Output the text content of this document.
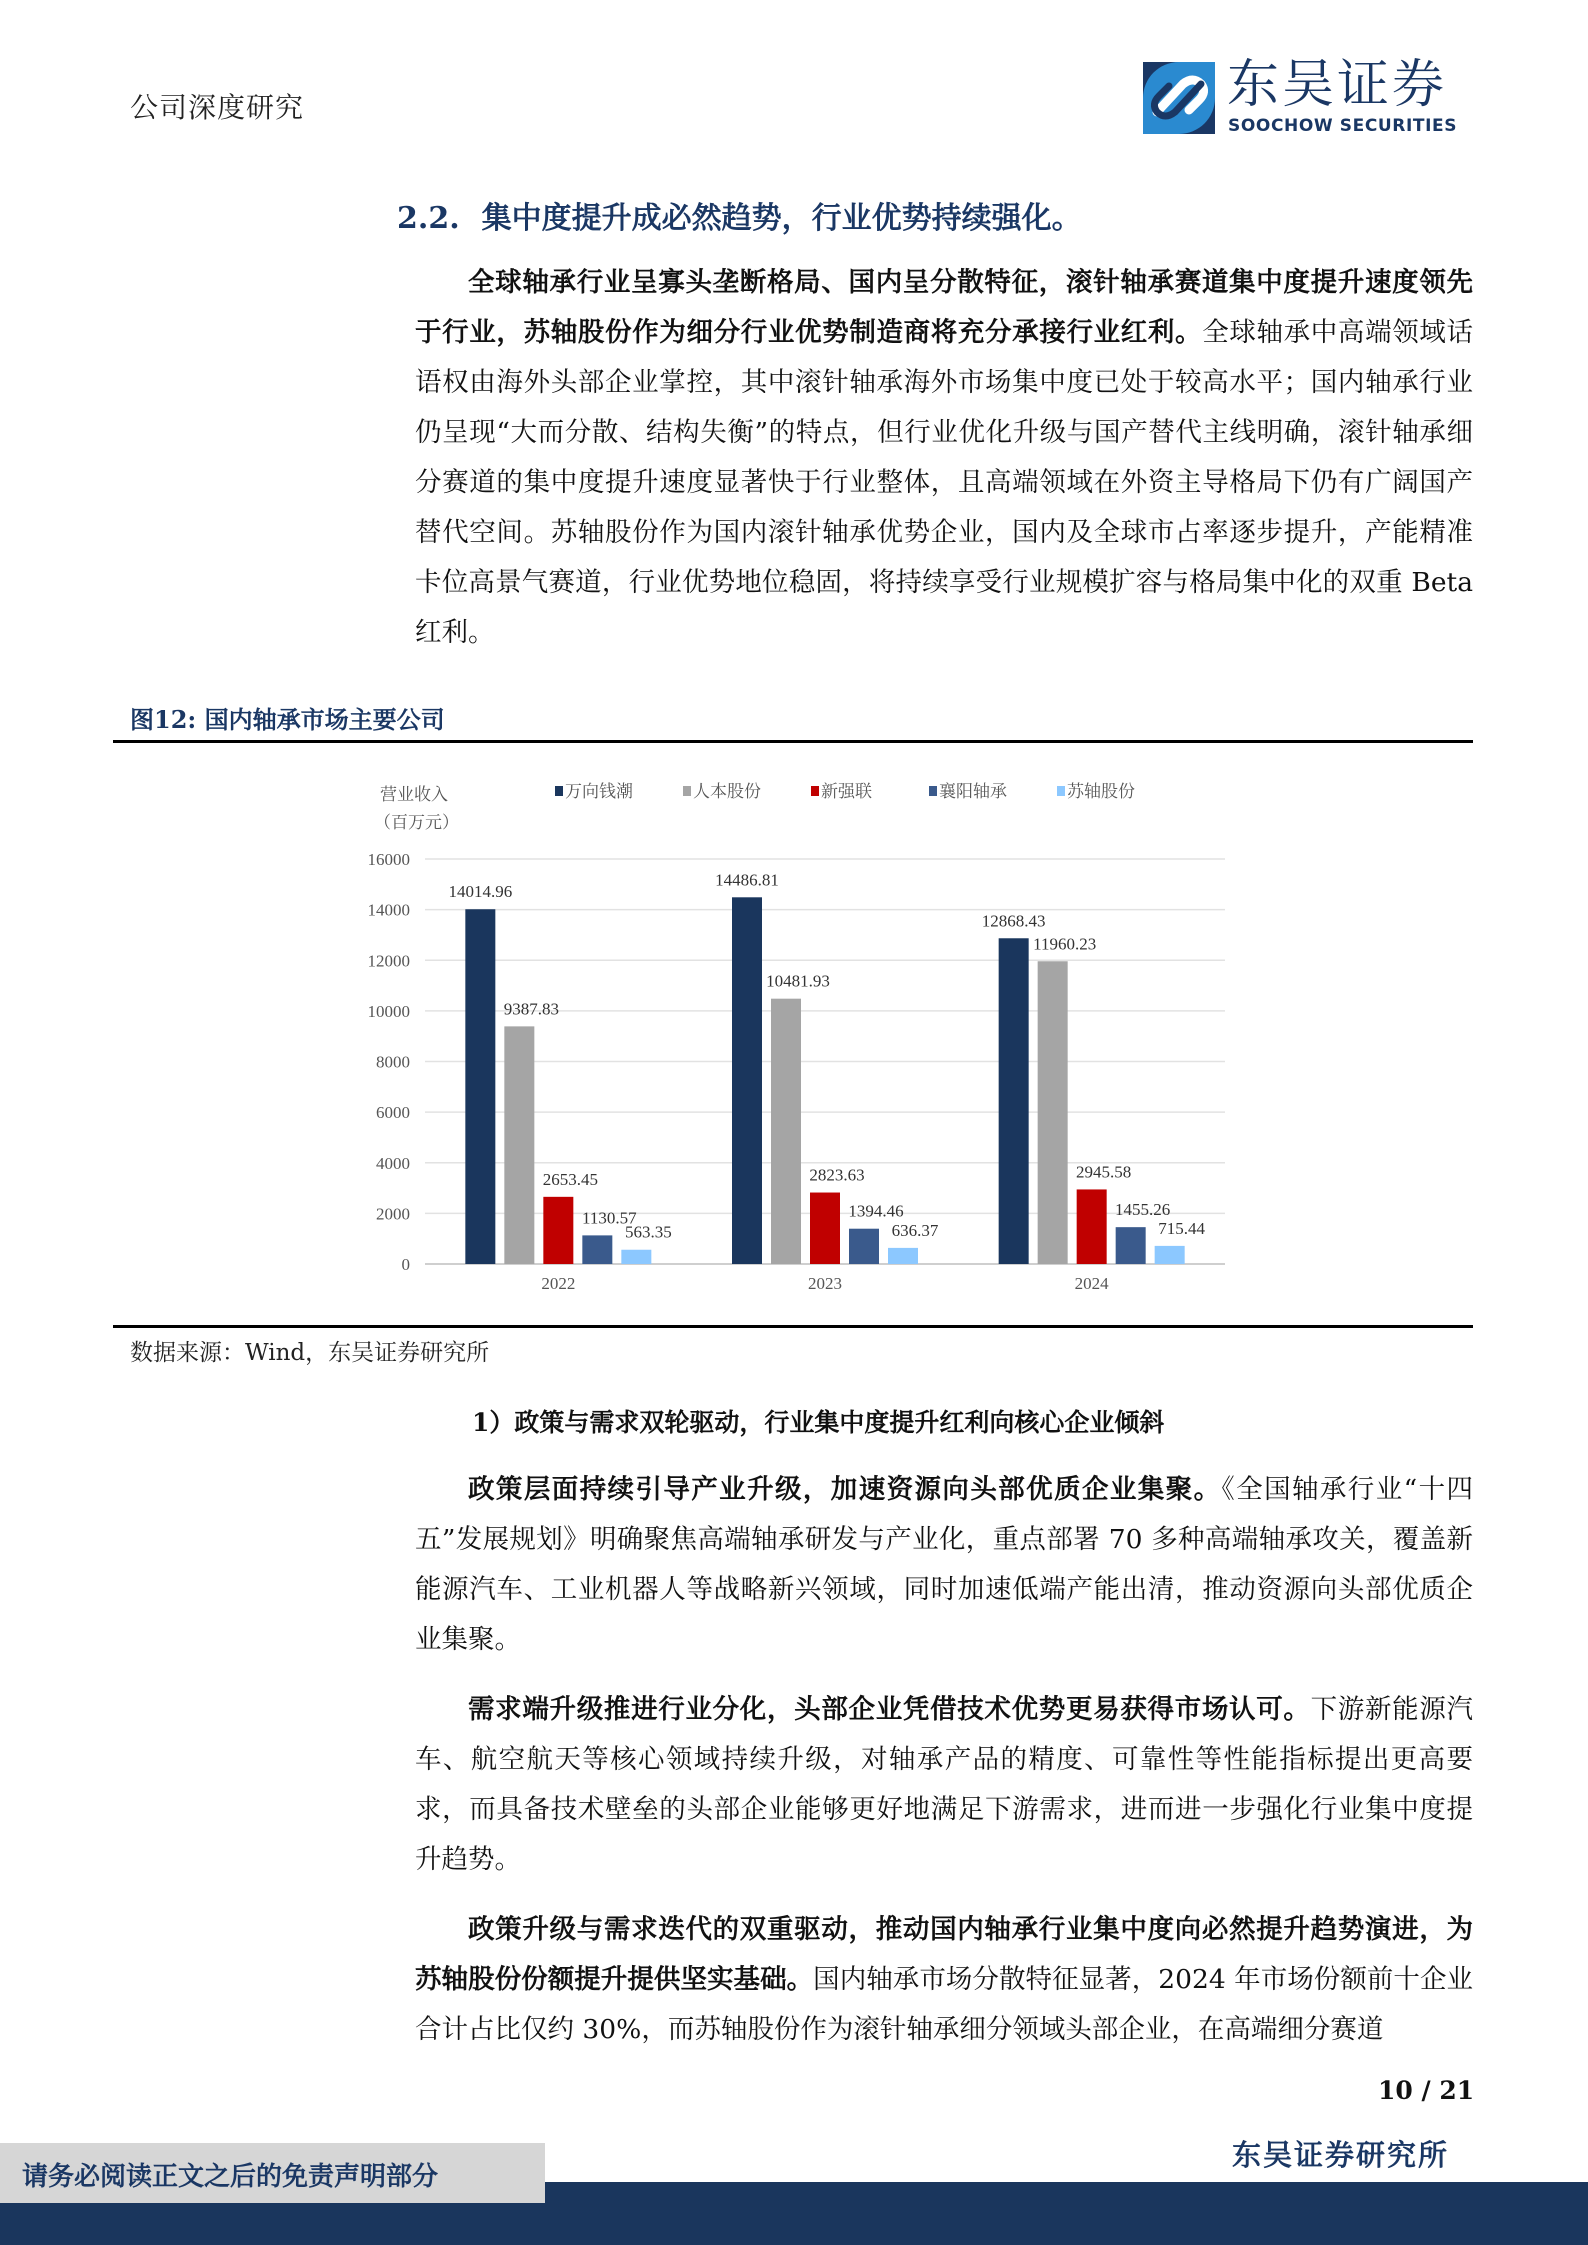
公司深度研究	东吴证券
SOOCHOW SECURITIES
2.2. 集中度提升成必然趋势，行业优势持续强化。

全球轴承行业呈寡头垄断格局、国内呈分散特征，滚针轴承赛道集中度提升速度领先于行业，苏轴股份作为细分行业优势制造商将充分承接行业红利。全球轴承中高端领域话语权由海外头部企业掌控，其中滚针轴承海外市场集中度已处于较高水平；国内轴承行业仍呈现“大而分散、结构失衡”的特点，但行业优化升级与国产替代主线明确，滚针轴承细分赛道的集中度提升速度显著快于行业整体，且高端领域在外资主导格局下仍有广阔国产替代空间。苏轴股份作为国内滚针轴承优势企业，国内及全球市占率逐步提升，产能精准卡位高景气赛道，行业优势地位稳固，将持续享受行业规模扩容与格局集中化的双重 Beta 红利。

图12: 国内轴承市场主要公司
营业收入
（百万元）
万向钱潮	人本股份	新强联	襄阳轴承	苏轴股份
0
2000
4000
6000
8000
10000
12000
14000
16000
14014.96
9387.83
2653.45
1130.57
563.35
2022
14486.81
10481.93
2823.63
1394.46
636.37
2023
12868.43
11960.23
2945.58
1455.26
715.44
2024
数据来源：Wind，东吴证券研究所
1）政策与需求双轮驱动，行业集中度提升红利向核心企业倾斜

政策层面持续引导产业升级，加速资源向头部优质企业集聚。《全国轴承行业“十四五”发展规划》明确聚焦高端轴承研发与产业化，重点部署 70 多种高端轴承攻关，覆盖新能源汽车、工业机器人等战略新兴领域，同时加速低端产能出清，推动资源向头部优质企业集聚。

需求端升级推进行业分化，头部企业凭借技术优势更易获得市场认可。下游新能源汽车、航空航天等核心领域持续升级，对轴承产品的精度、可靠性等性能指标提出更高要求，而具备技术壁垒的头部企业能够更好地满足下游需求，进而进一步强化行业集中度提升趋势。

政策升级与需求迭代的双重驱动，推动国内轴承行业集中度向必然提升趋势演进，为苏轴股份份额提升提供坚实基础。国内轴承市场分散特征显著，2024 年市场份额前十企业合计占比仅约 30%，而苏轴股份作为滚针轴承细分领域头部企业，在高端细分赛道

10 / 21
东吴证券研究所
请务必阅读正文之后的免责声明部分
